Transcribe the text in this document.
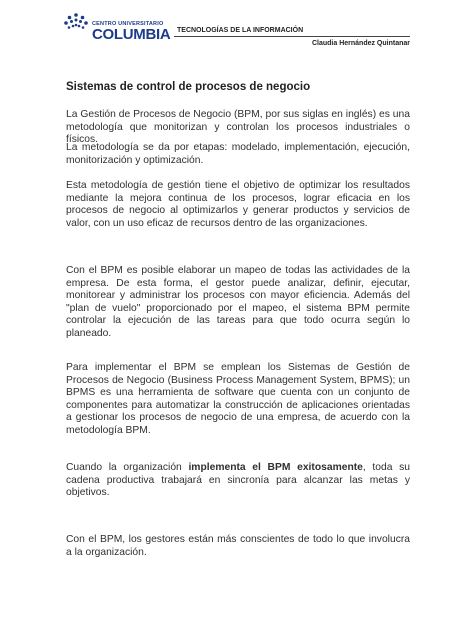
CENTRO UNIVERSITARIO
COLUMBIA TECNOLOGÍAS DE LA INFORMACIÓN
Claudia Hernández Quintanar
Sistemas de control de procesos de negocio

La Gestión de Procesos de Negocio (BPM, por sus siglas en inglés) es una metodología que monitorizan y controlan los procesos industriales o físicos.

La metodología se da por etapas: modelado, implementación, ejecución, monitorización y optimización.

Esta metodología de gestión tiene el objetivo de optimizar los resultados mediante la mejora continua de los procesos, lograr eficacia en los procesos de negocio al optimizarlos y generar productos y servicios de valor, con un uso eficaz de recursos dentro de las organizaciones.

Con el BPM es posible elaborar un mapeo de todas las actividades de la empresa. De esta forma, el gestor puede analizar, definir, ejecutar, monitorear y administrar los procesos con mayor eficiencia. Además del "plan de vuelo" proporcionado por el mapeo, el sistema BPM permite controlar la ejecución de las tareas para que todo ocurra según lo planeado.

Para implementar el BPM se emplean los Sistemas de Gestión de Procesos de Negocio (Business Process Management System, BPMS); un BPMS es una herramienta de software que cuenta con un conjunto de componentes para automatizar la construcción de aplicaciones orientadas a gestionar los procesos de negocio de una empresa, de acuerdo con la metodología BPM.

Cuando la organización implementa el BPM exitosamente, toda su cadena productiva trabajará en sincronía para alcanzar las metas y objetivos.

Con el BPM, los gestores están más conscientes de todo lo que involucra a la organización.
